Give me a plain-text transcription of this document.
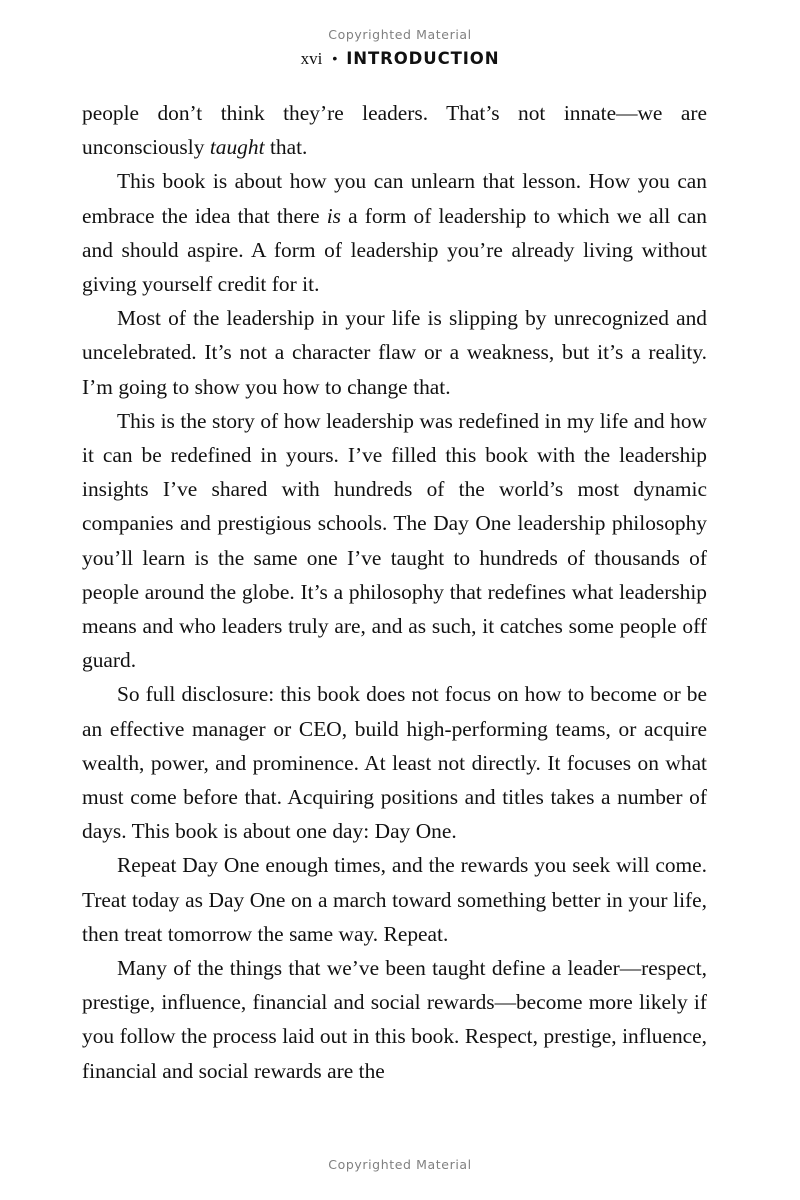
Copyrighted Material
xvi • INTRODUCTION

people don’t think they’re leaders. That’s not innate—we are unconsciously taught that.

This book is about how you can unlearn that lesson. How you can embrace the idea that there is a form of leadership to which we all can and should aspire. A form of leadership you’re already living without giving yourself credit for it.

Most of the leadership in your life is slipping by unrecognized and uncelebrated. It’s not a character flaw or a weakness, but it’s a reality. I’m going to show you how to change that.

This is the story of how leadership was redefined in my life and how it can be redefined in yours. I’ve filled this book with the leadership insights I’ve shared with hundreds of the world’s most dynamic companies and prestigious schools. The Day One leadership philosophy you’ll learn is the same one I’ve taught to hundreds of thousands of people around the globe. It’s a philosophy that redefines what leadership means and who leaders truly are, and as such, it catches some people off guard.

So full disclosure: this book does not focus on how to become or be an effective manager or CEO, build high-performing teams, or acquire wealth, power, and prominence. At least not directly. It focuses on what must come before that. Acquiring positions and titles takes a number of days. This book is about one day: Day One.

Repeat Day One enough times, and the rewards you seek will come. Treat today as Day One on a march toward something better in your life, then treat tomorrow the same way. Repeat.

Many of the things that we’ve been taught define a leader—respect, prestige, influence, financial and social rewards—become more likely if you follow the process laid out in this book. Respect, prestige, influence, financial and social rewards are the

Copyrighted Material
